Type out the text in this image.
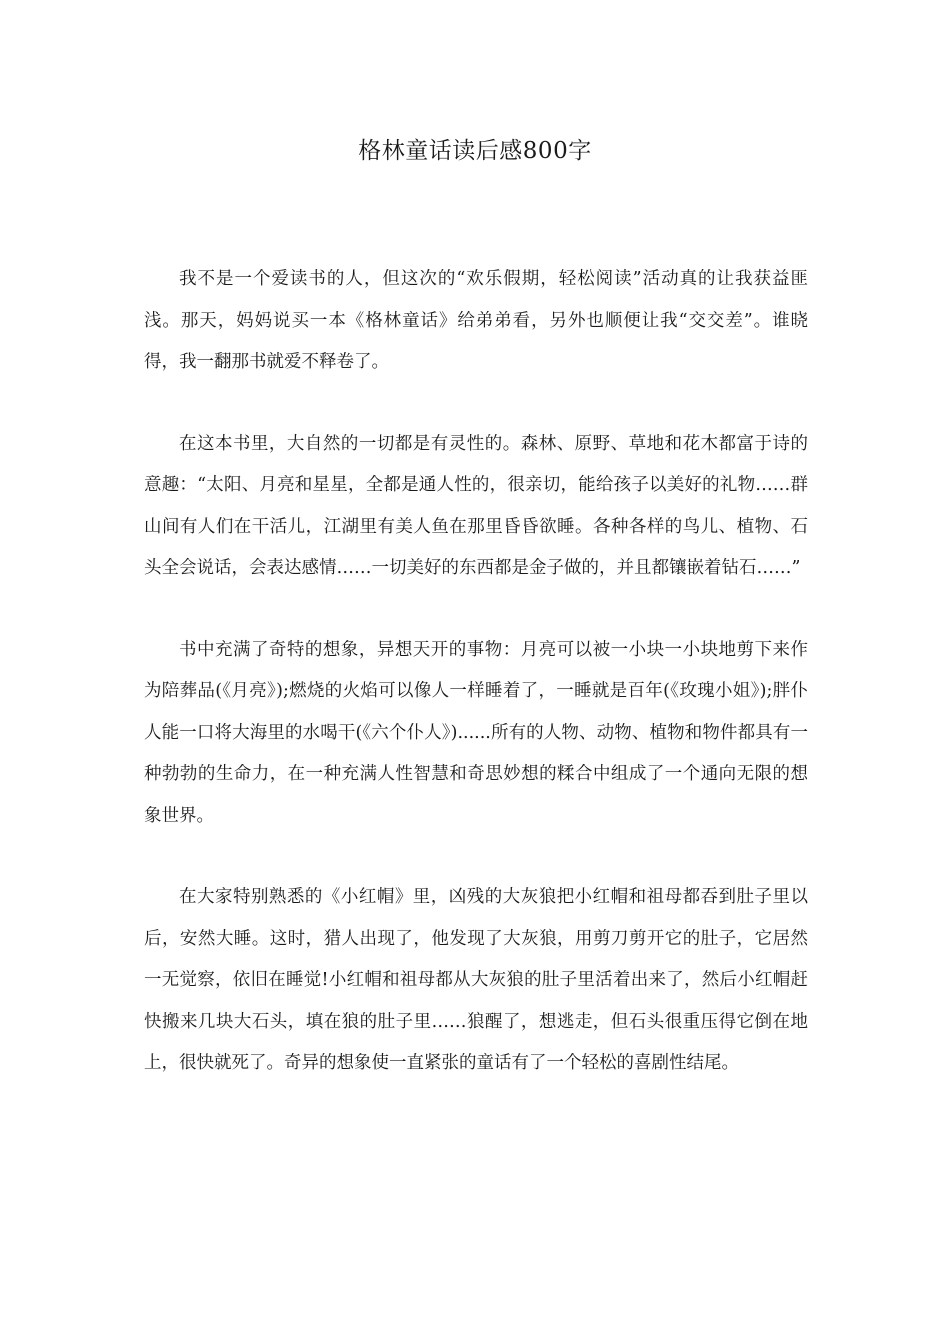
格林童话读后感800字

我不是一个爱读书的人，但这次的“欢乐假期，轻松阅读”活动真的让我获益匪浅。那天，妈妈说买一本《格林童话》给弟弟看，另外也顺便让我“交交差”。谁晓得，我一翻那书就爱不释卷了。

在这本书里，大自然的一切都是有灵性的。森林、原野、草地和花木都富于诗的意趣：“太阳、月亮和星星，全都是通人性的，很亲切，能给孩子以美好的礼物……群山间有人们在干活儿，江湖里有美人鱼在那里昏昏欲睡。各种各样的鸟儿、植物、石头全会说话，会表达感情……一切美好的东西都是金子做的，并且都镶嵌着钻石……”

书中充满了奇特的想象，异想天开的事物：月亮可以被一小块一小块地剪下来作为陪葬品(《月亮》);燃烧的火焰可以像人一样睡着了，一睡就是百年(《玫瑰小姐》);胖仆人能一口将大海里的水喝干(《六个仆人》)......所有的人物、动物、植物和物件都具有一种勃勃的生命力，在一种充满人性智慧和奇思妙想的糅合中组成了一个通向无限的想象世界。

在大家特别熟悉的《小红帽》里，凶残的大灰狼把小红帽和祖母都吞到肚子里以后，安然大睡。这时，猎人出现了，他发现了大灰狼，用剪刀剪开它的肚子，它居然一无觉察，依旧在睡觉!小红帽和祖母都从大灰狼的肚子里活着出来了，然后小红帽赶快搬来几块大石头，填在狼的肚子里……狼醒了，想逃走，但石头很重压得它倒在地上，很快就死了。奇异的想象使一直紧张的童话有了一个轻松的喜剧性结尾。
